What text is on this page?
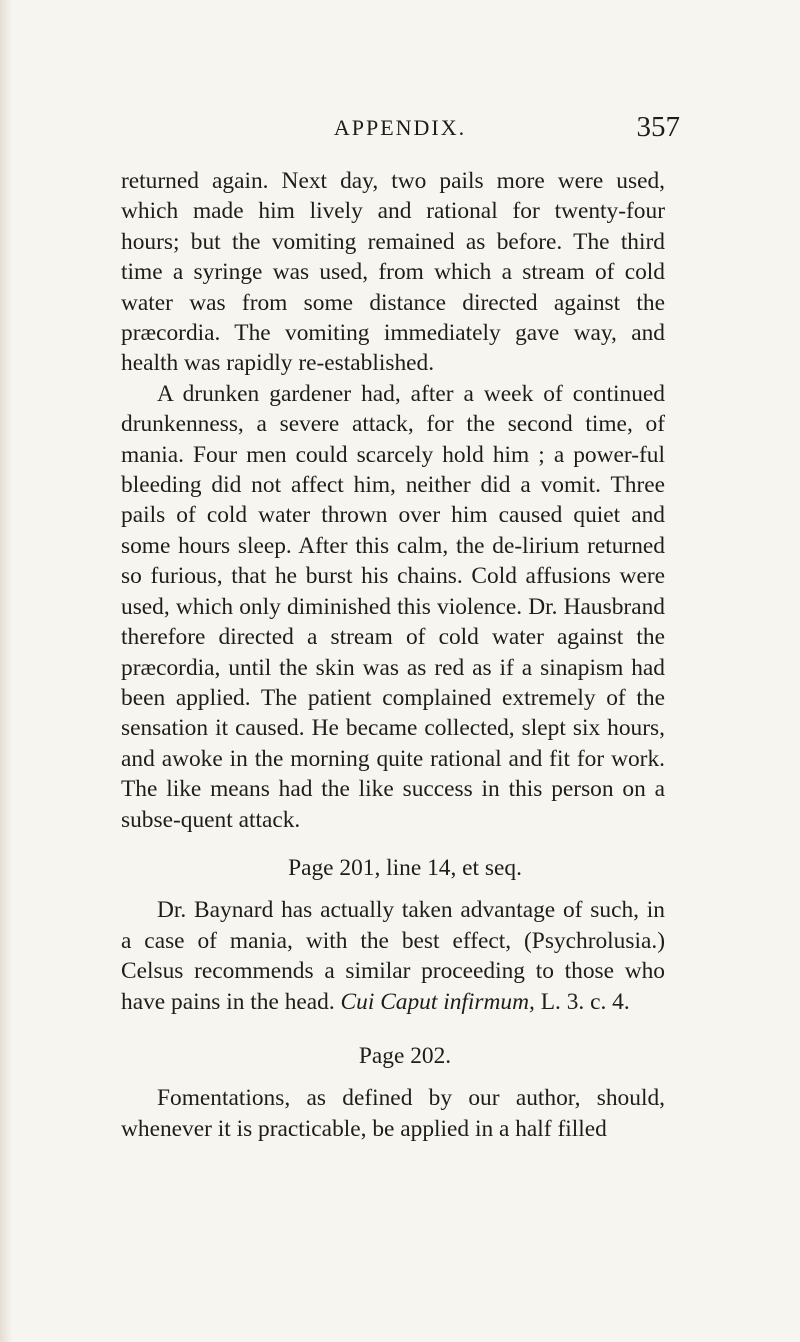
APPENDIX.	357

returned again. Next day, two pails more were used, which made him lively and rational for twenty-four hours; but the vomiting remained as before. The third time a syringe was used, from which a stream of cold water was from some distance directed against the præcordia. The vomiting immediately gave way, and health was rapidly re-established.

A drunken gardener had, after a week of continued drunkenness, a severe attack, for the second time, of mania. Four men could scarcely hold him ; a power-ful bleeding did not affect him, neither did a vomit. Three pails of cold water thrown over him caused quiet and some hours sleep. After this calm, the de-lirium returned so furious, that he burst his chains. Cold affusions were used, which only diminished this violence. Dr. Hausbrand therefore directed a stream of cold water against the præcordia, until the skin was as red as if a sinapism had been applied. The patient complained extremely of the sensation it caused. He became collected, slept six hours, and awoke in the morning quite rational and fit for work. The like means had the like success in this person on a subse-quent attack.

Page 201, line 14, et seq.

Dr. Baynard has actually taken advantage of such, in a case of mania, with the best effect, (Psychrolusia.) Celsus recommends a similar proceeding to those who have pains in the head. Cui Caput infirmum, L. 3. c. 4.

Page 202.

Fomentations, as defined by our author, should, whenever it is practicable, be applied in a half filled
